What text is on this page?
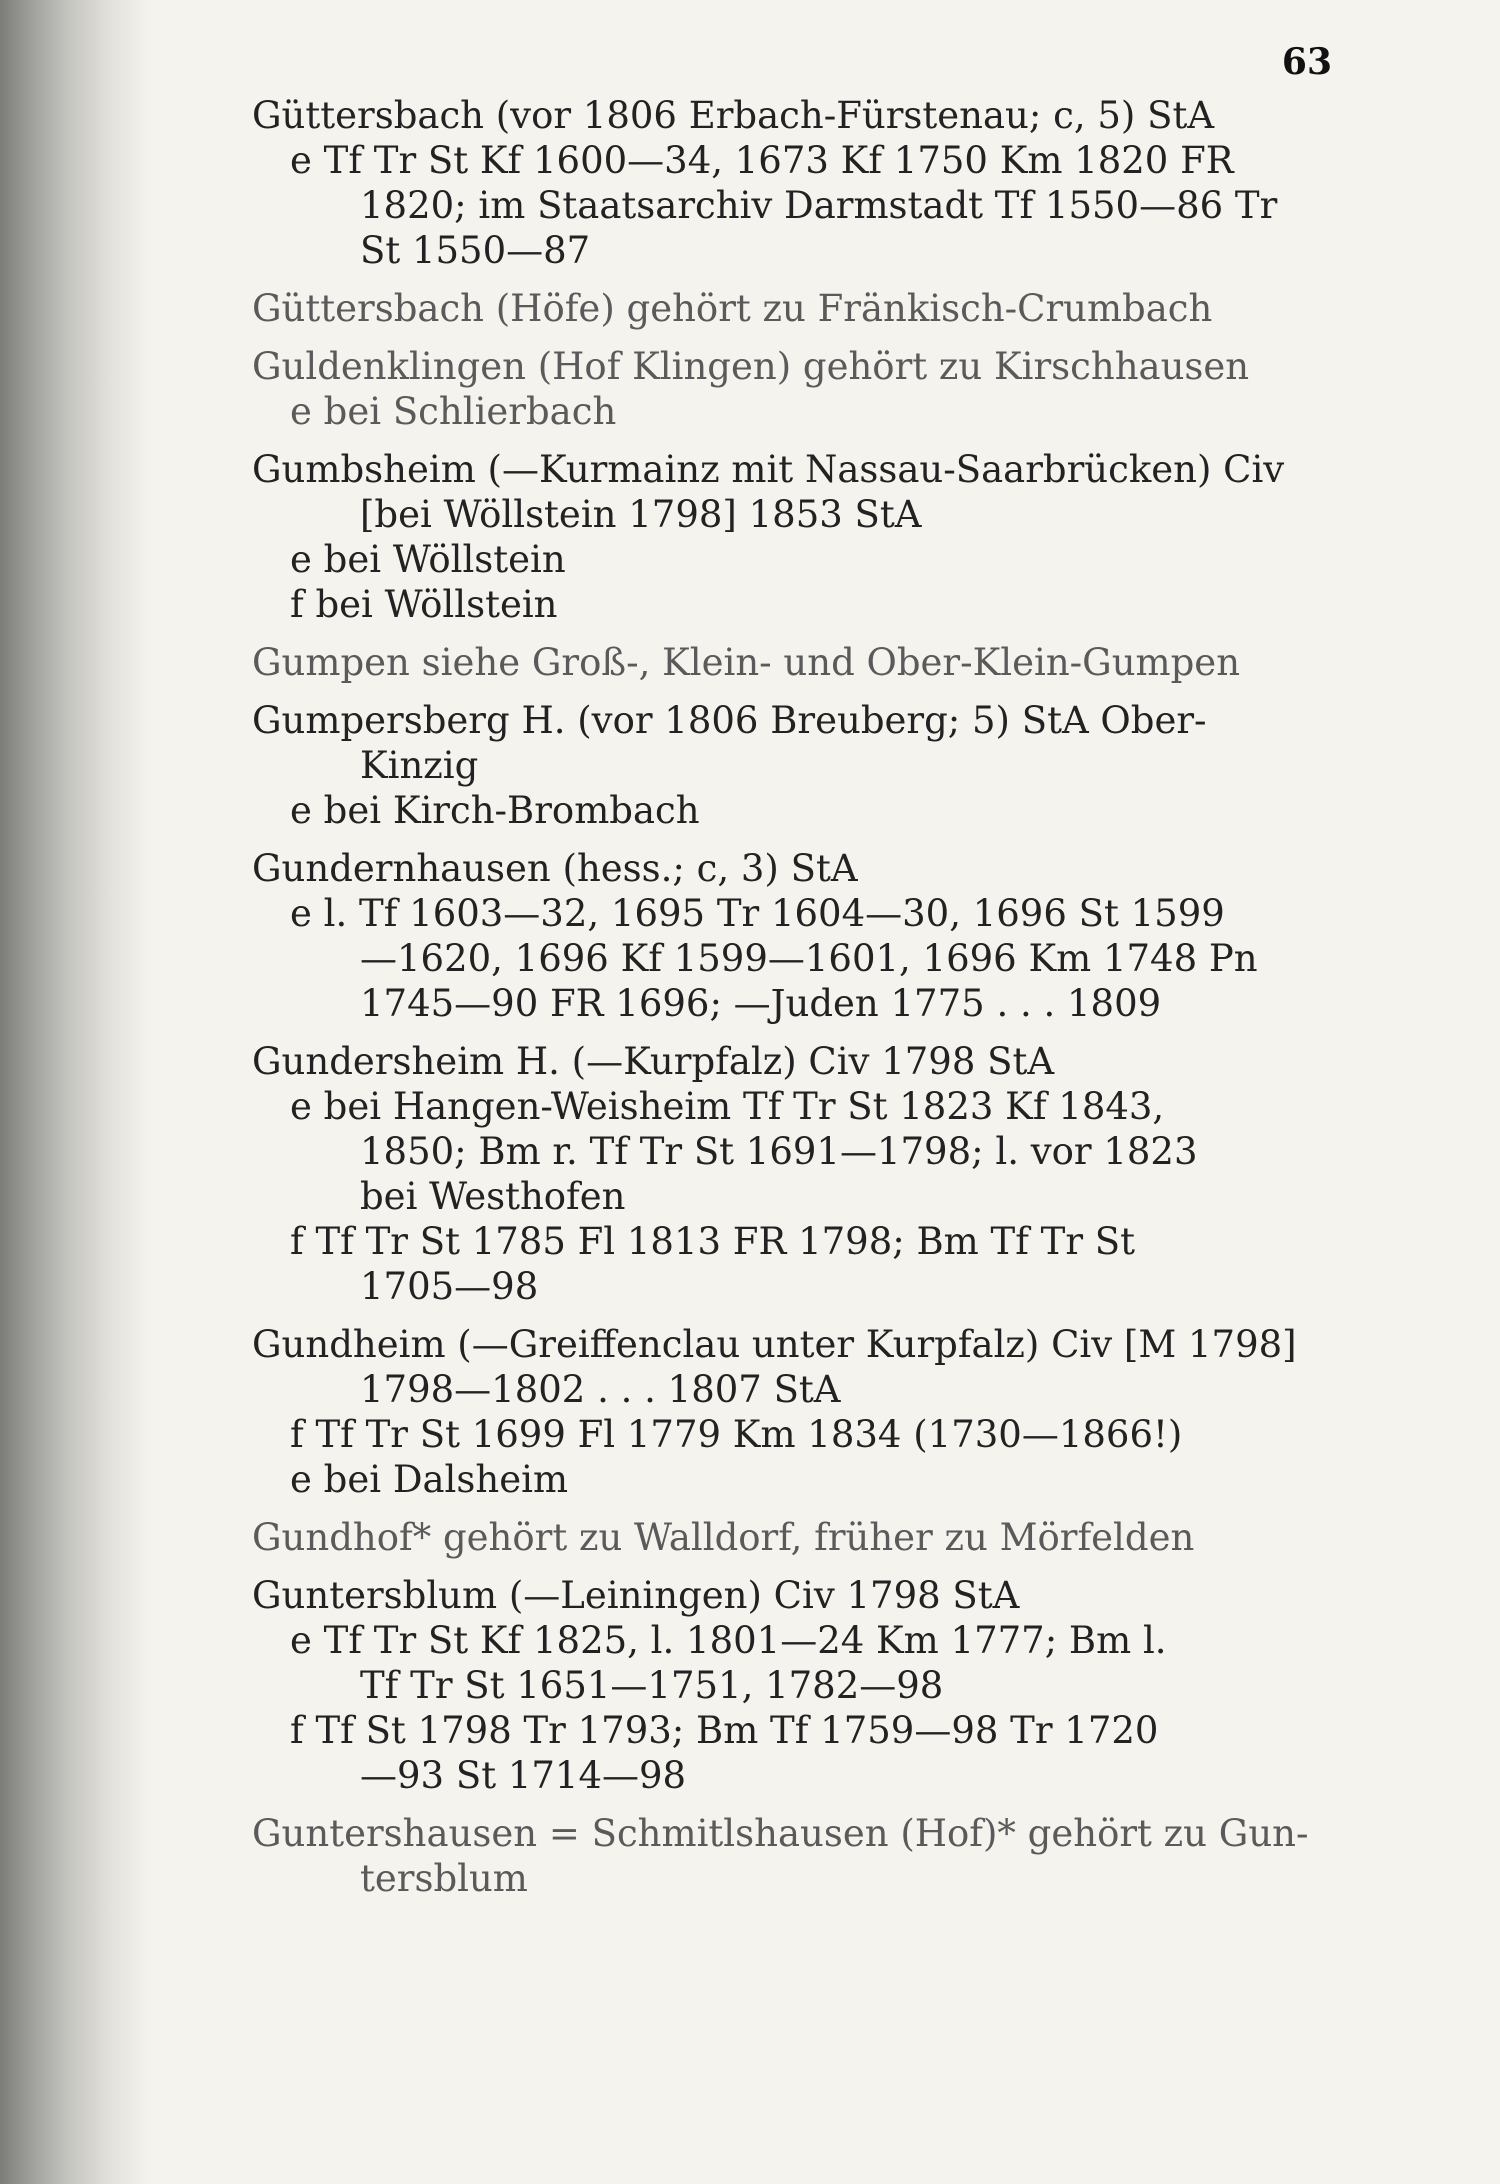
63
Güttersbach (vor 1806 Erbach-Fürstenau; c, 5) StA
e Tf Tr St Kf 1600—34, 1673 Kf 1750 Km 1820 FR
1820; im Staatsarchiv Darmstadt Tf 1550—86 Tr
St 1550—87
Güttersbach (Höfe) gehört zu Fränkisch-Crumbach
Guldenklingen (Hof Klingen) gehört zu Kirschhausen
e bei Schlierbach
Gumbsheim (—Kurmainz mit Nassau-Saarbrücken) Civ
[bei Wöllstein 1798] 1853 StA
e bei Wöllstein
f bei Wöllstein
Gumpen siehe Groß-, Klein- und Ober-Klein-Gumpen
Gumpersberg H. (vor 1806 Breuberg; 5) StA Ober-
Kinzig
e bei Kirch-Brombach
Gundernhausen (hess.; c, 3) StA
e l. Tf 1603—32, 1695 Tr 1604—30, 1696 St 1599
—1620, 1696 Kf 1599—1601, 1696 Km 1748 Pn
1745—90 FR 1696; —Juden 1775 . . . 1809
Gundersheim H. (—Kurpfalz) Civ 1798 StA
e bei Hangen-Weisheim Tf Tr St 1823 Kf 1843,
1850; Bm r. Tf Tr St 1691—1798; l. vor 1823
bei Westhofen
f Tf Tr St 1785 Fl 1813 FR 1798; Bm Tf Tr St
1705—98
Gundheim (—Greiffenclau unter Kurpfalz) Civ [M 1798]
1798—1802 . . . 1807 StA
f Tf Tr St 1699 Fl 1779 Km 1834 (1730—1866!)
e bei Dalsheim
Gundhof* gehört zu Walldorf, früher zu Mörfelden
Guntersblum (—Leiningen) Civ 1798 StA
e Tf Tr St Kf 1825, l. 1801—24 Km 1777; Bm l.
Tf Tr St 1651—1751, 1782—98
f Tf St 1798 Tr 1793; Bm Tf 1759—98 Tr 1720
—93 St 1714—98
Guntershausen = Schmitlshausen (Hof)* gehört zu Gun-
tersblum
